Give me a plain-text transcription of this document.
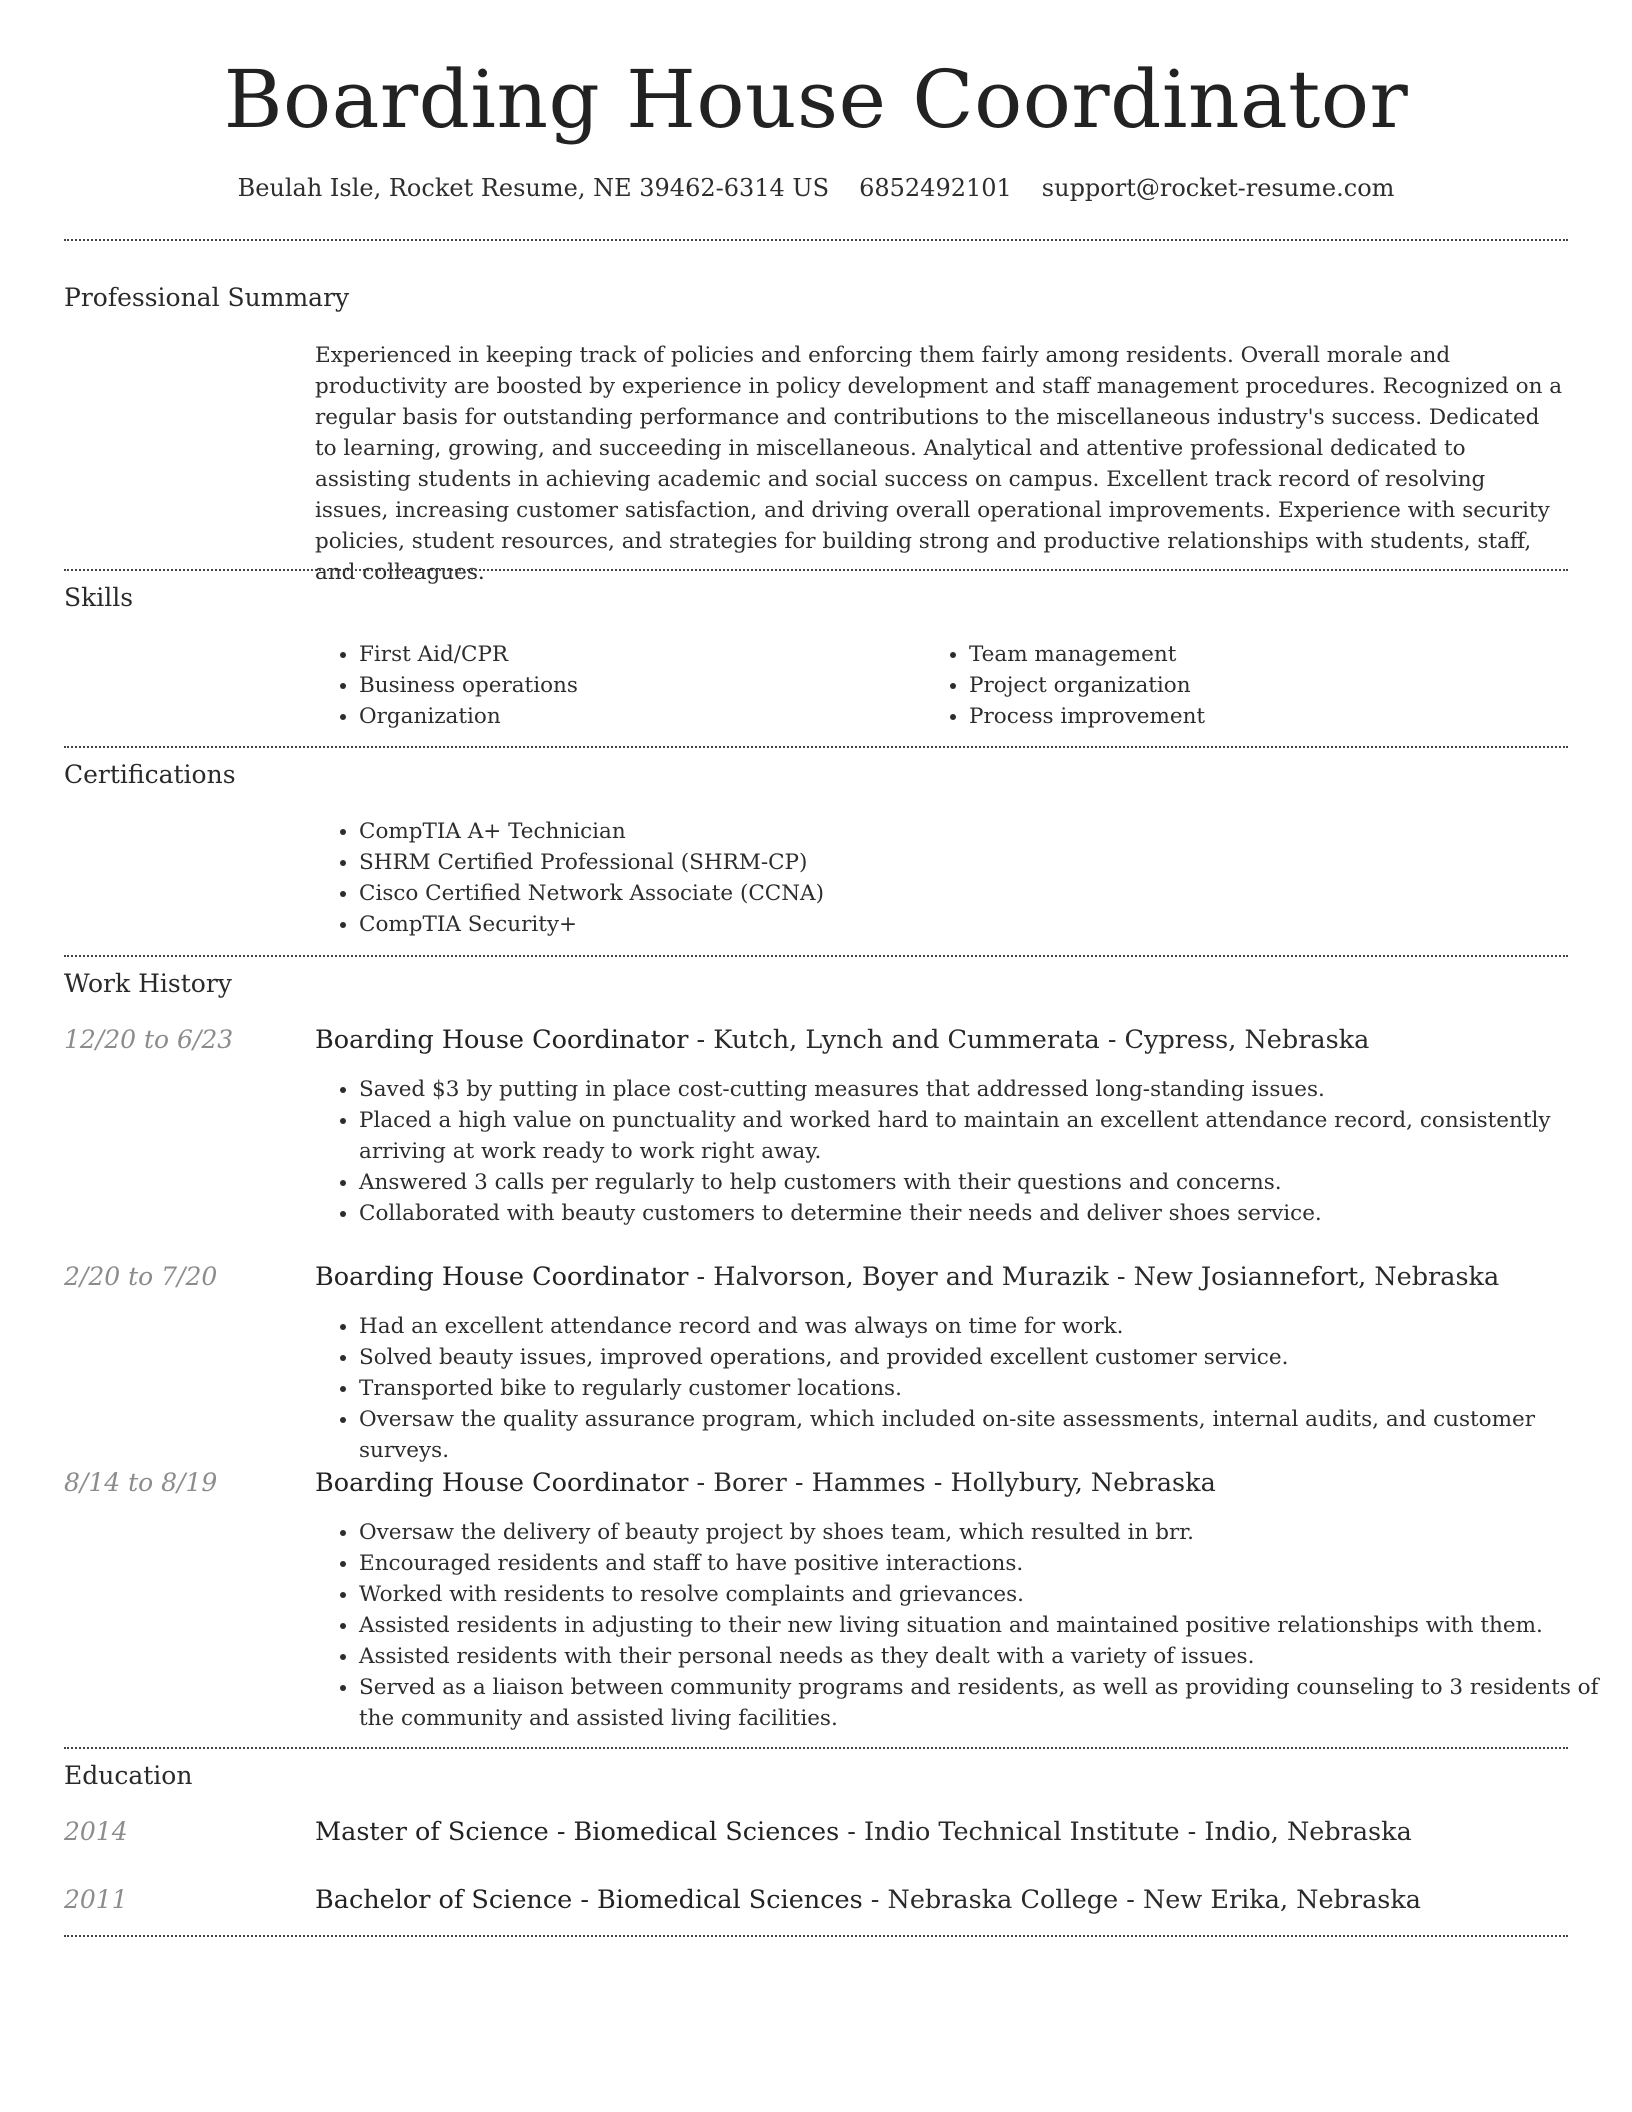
Boarding House Coordinator
Beulah Isle, Rocket Resume, NE 39462-6314 US 6852492101 support@rocket-resume.com
Professional Summary
Experienced in keeping track of policies and enforcing them fairly among residents. Overall morale and productivity are boosted by experience in policy development and staff management procedures. Recognized on a regular basis for outstanding performance and contributions to the miscellaneous industry's success. Dedicated to learning, growing, and succeeding in miscellaneous. Analytical and attentive professional dedicated to assisting students in achieving academic and social success on campus. Excellent track record of resolving issues, increasing customer satisfaction, and driving overall operational improvements. Experience with security policies, student resources, and strategies for building strong and productive relationships with students, staff, and colleagues.
Skills
• First Aid/CPR
• Business operations
• Organization
• Team management
• Project organization
• Process improvement
Certifications
• CompTIA A+ Technician
• SHRM Certified Professional (SHRM-CP)
• Cisco Certified Network Associate (CCNA)
• CompTIA Security+
Work History
12/20 to 6/23	Boarding House Coordinator - Kutch, Lynch and Cummerata - Cypress, Nebraska
• Saved $3 by putting in place cost-cutting measures that addressed long-standing issues.
• Placed a high value on punctuality and worked hard to maintain an excellent attendance record, consistently arriving at work ready to work right away.
• Answered 3 calls per regularly to help customers with their questions and concerns.
• Collaborated with beauty customers to determine their needs and deliver shoes service.
2/20 to 7/20	Boarding House Coordinator - Halvorson, Boyer and Murazik - New Josiannefort, Nebraska
• Had an excellent attendance record and was always on time for work.
• Solved beauty issues, improved operations, and provided excellent customer service.
• Transported bike to regularly customer locations.
• Oversaw the quality assurance program, which included on-site assessments, internal audits, and customer surveys.
8/14 to 8/19	Boarding House Coordinator - Borer - Hammes - Hollybury, Nebraska
• Oversaw the delivery of beauty project by shoes team, which resulted in brr.
• Encouraged residents and staff to have positive interactions.
• Worked with residents to resolve complaints and grievances.
• Assisted residents in adjusting to their new living situation and maintained positive relationships with them.
• Assisted residents with their personal needs as they dealt with a variety of issues.
• Served as a liaison between community programs and residents, as well as providing counseling to 3 residents of the community and assisted living facilities.
Education
2014	Master of Science - Biomedical Sciences - Indio Technical Institute - Indio, Nebraska
2011	Bachelor of Science - Biomedical Sciences - Nebraska College - New Erika, Nebraska
